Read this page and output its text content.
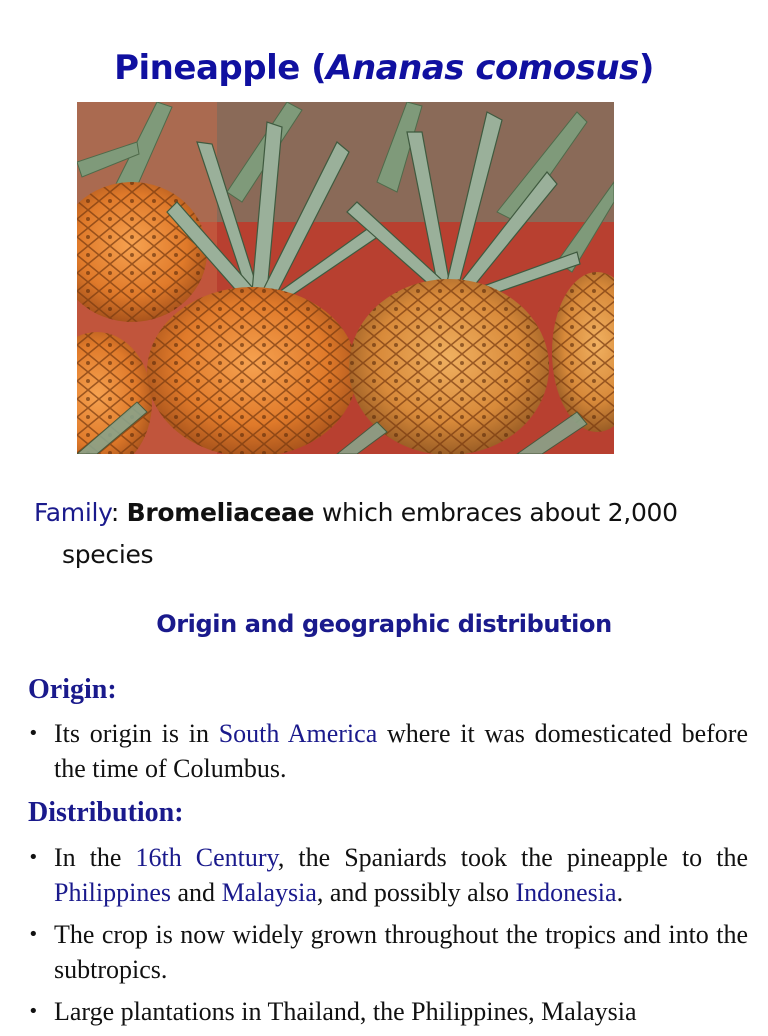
Pineapple (Ananas comosus)
Family: Bromeliaceae which embraces about 2,000
species
Origin and geographic distribution
Origin:
• Its origin is in South America where it was domesticated before the time of Columbus.
Distribution:
• In the 16th Century, the Spaniards took the pineapple to the Philippines and Malaysia, and possibly also Indonesia.
• The crop is now widely grown throughout the tropics and into the subtropics.
• Large plantations in Thailand, the Philippines, Malaysia
